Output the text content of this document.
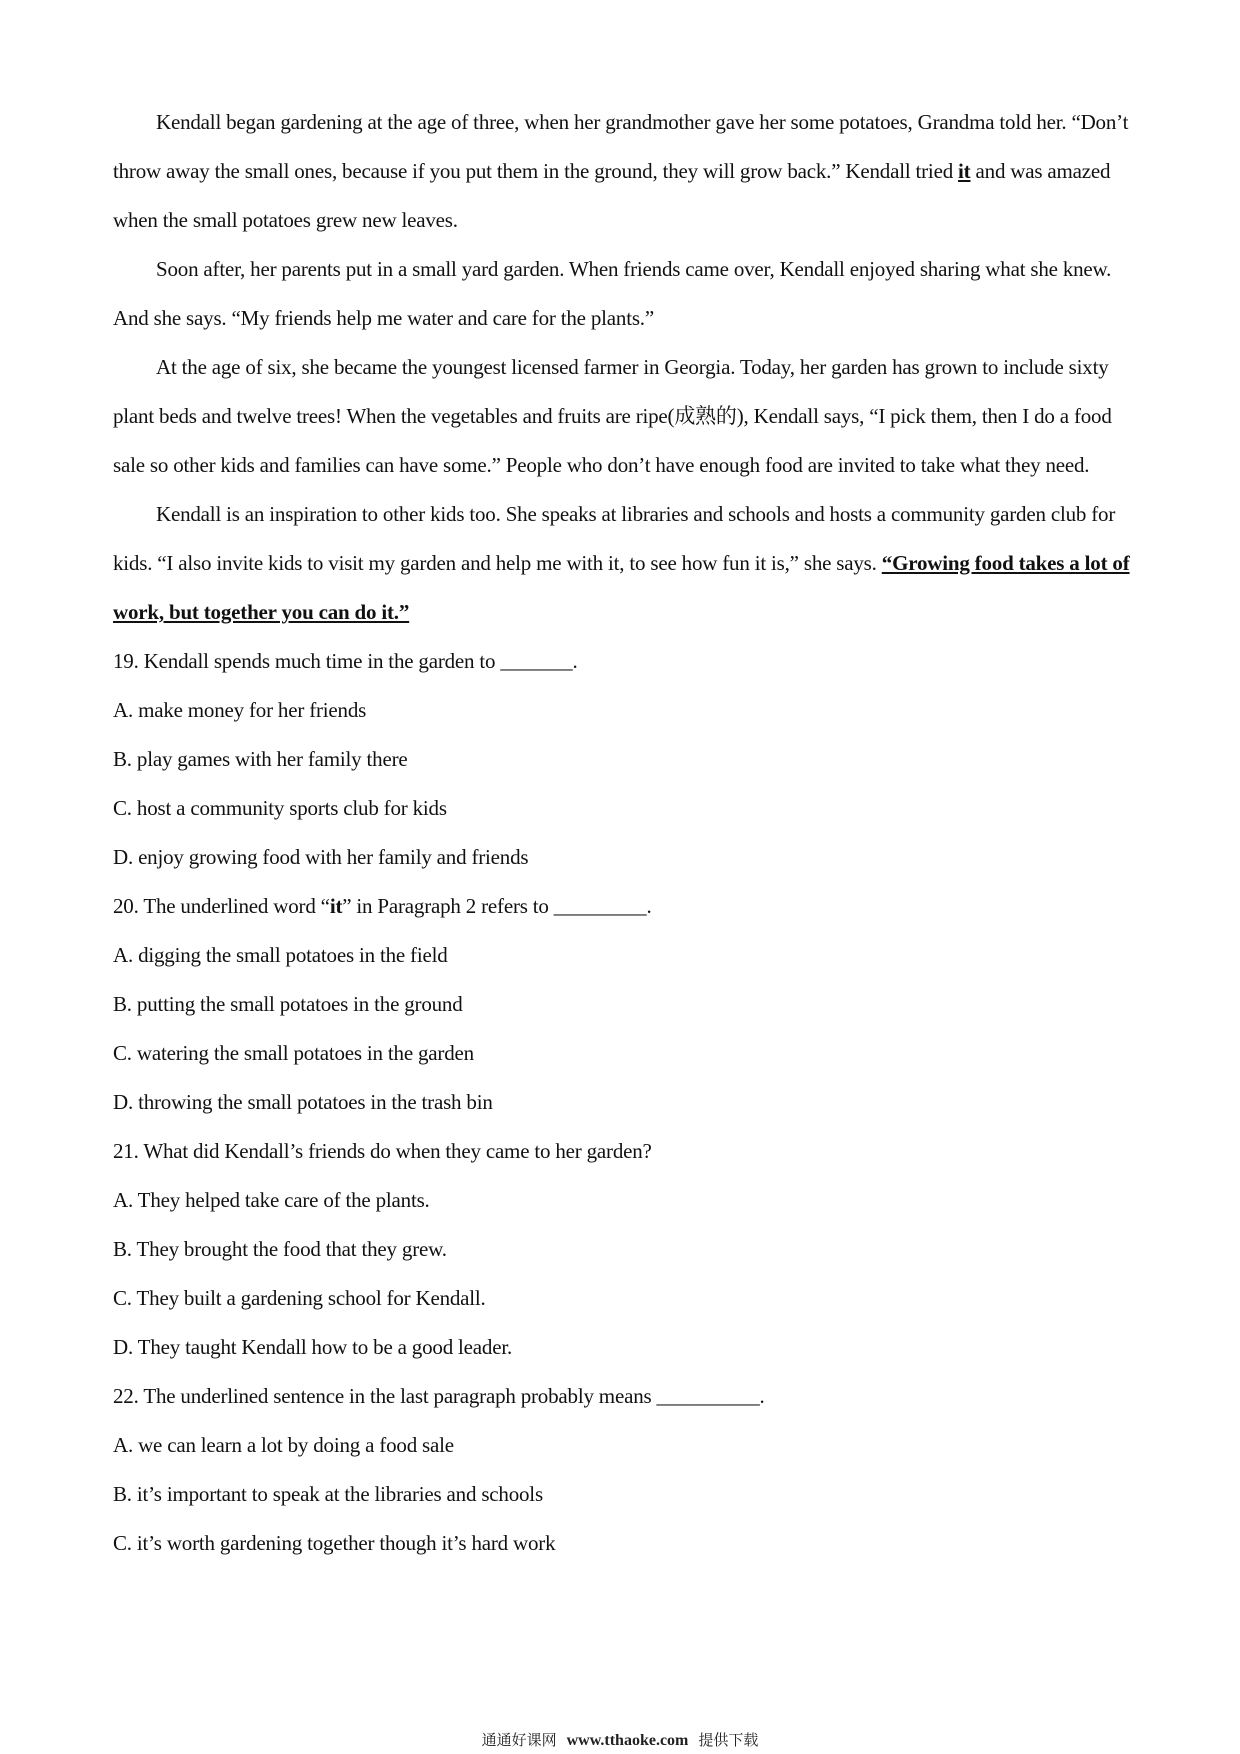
Kendall began gardening at the age of three, when her grandmother gave her some potatoes, Grandma told her. “Don’t throw away the small ones, because if you put them in the ground, they will grow back.” Kendall tried it and was amazed when the small potatoes grew new leaves.

Soon after, her parents put in a small yard garden. When friends came over, Kendall enjoyed sharing what she knew. And she says. “My friends help me water and care for the plants.”

At the age of six, she became the youngest licensed farmer in Georgia. Today, her garden has grown to include sixty plant beds and twelve trees! When the vegetables and fruits are ripe(成熟的), Kendall says, “I pick them, then I do a food sale so other kids and families can have some.” People who don’t have enough food are invited to take what they need.

Kendall is an inspiration to other kids too. She speaks at libraries and schools and hosts a community garden club for kids. “I also invite kids to visit my garden and help me with it, to see how fun it is,” she says. “Growing food takes a lot of work, but together you can do it.”

19. Kendall spends much time in the garden to _______.

A. make money for her friends

B. play games with her family there

C. host a community sports club for kids

D. enjoy growing food with her family and friends

20. The underlined word “it” in Paragraph 2 refers to _________.

A. digging the small potatoes in the field

B. putting the small potatoes in the ground

C. watering the small potatoes in the garden

D. throwing the small potatoes in the trash bin

21. What did Kendall’s friends do when they came to her garden?

A. They helped take care of the plants.

B. They brought the food that they grew.

C. They built a gardening school for Kendall.

D. They taught Kendall how to be a good leader.

22. The underlined sentence in the last paragraph probably means __________.

A. we can learn a lot by doing a food sale

B. it’s important to speak at the libraries and schools

C. it’s worth gardening together though it’s hard work

通通好课网 www.tthaoke.com 提供下载
